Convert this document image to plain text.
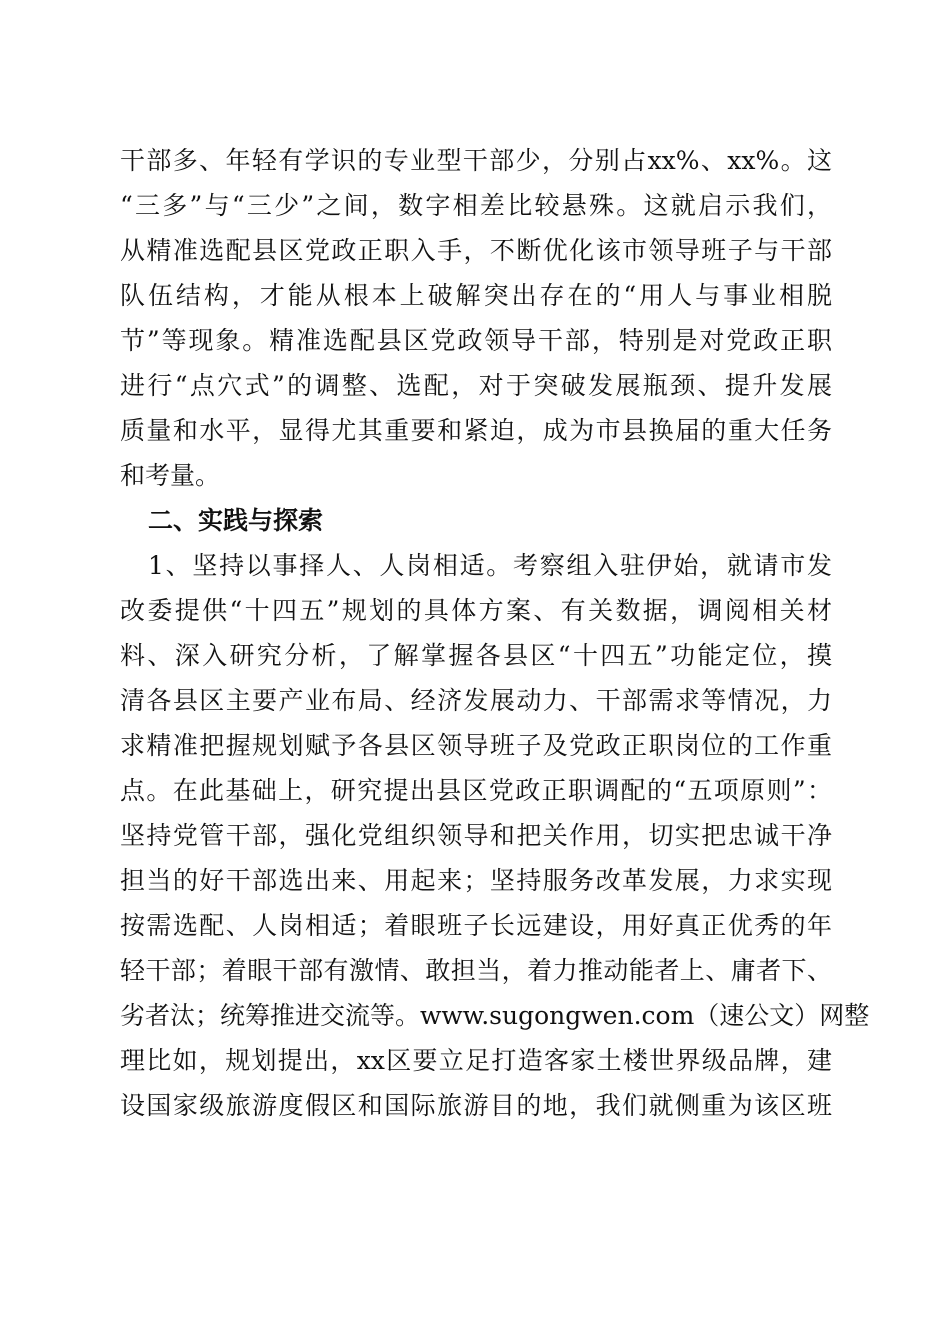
干部多、年轻有学识的专业型干部少，分别占xx%、xx%。这
“三多”与“三少”之间，数字相差比较悬殊。这就启示我们，
从精准选配县区党政正职入手，不断优化该市领导班子与干部
队伍结构，才能从根本上破解突出存在的“用人与事业相脱
节”等现象。精准选配县区党政领导干部，特别是对党政正职
进行“点穴式”的调整、选配，对于突破发展瓶颈、提升发展
质量和水平，显得尤其重要和紧迫，成为市县换届的重大任务
和考量。
二、实践与探索
1、坚持以事择人、人岗相适。考察组入驻伊始，就请市发
改委提供“十四五”规划的具体方案、有关数据，调阅相关材
料、深入研究分析，了解掌握各县区“十四五”功能定位，摸
清各县区主要产业布局、经济发展动力、干部需求等情况，力
求精准把握规划赋予各县区领导班子及党政正职岗位的工作重
点。在此基础上，研究提出县区党政正职调配的“五项原则”：
坚持党管干部，强化党组织领导和把关作用，切实把忠诚干净
担当的好干部选出来、用起来；坚持服务改革发展，力求实现
按需选配、人岗相适；着眼班子长远建设，用好真正优秀的年
轻干部；着眼干部有激情、敢担当，着力推动能者上、庸者下、
劣者汰；统筹推进交流等。www.sugongwen.com（速公文）网整
理比如，规划提出，xx区要立足打造客家土楼世界级品牌，建
设国家级旅游度假区和国际旅游目的地，我们就侧重为该区班
